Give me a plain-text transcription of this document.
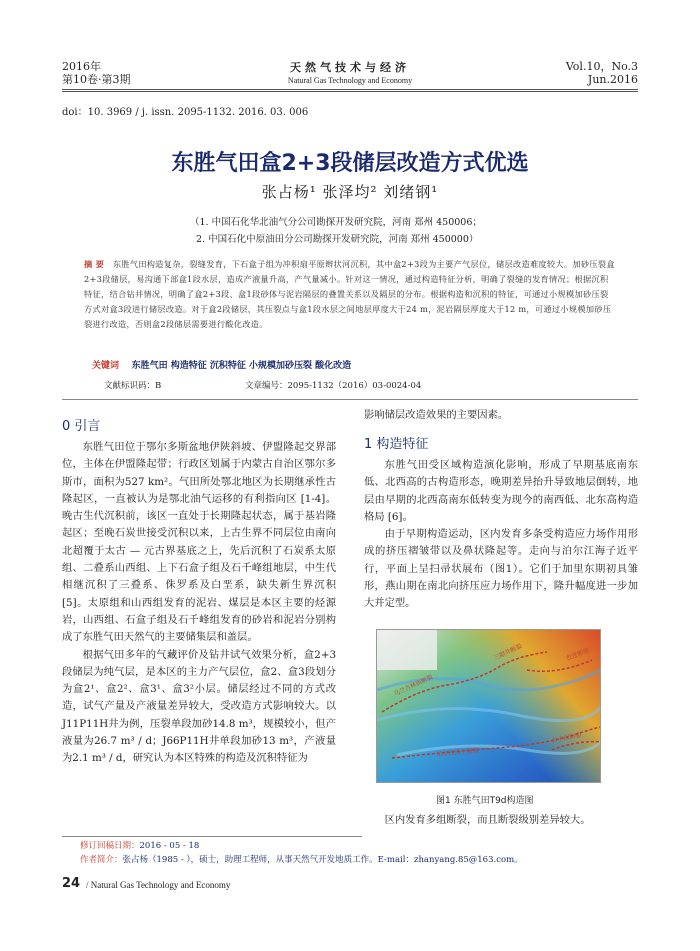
2016年
第10卷·第3期
天然气技术与经济
Natural Gas Technology and Economy
Vol.10，No.3
Jun.2016
doi：10. 3969 / j. issn. 2095-1132. 2016. 03. 006
东胜气田盒2+3段储层改造方式优选
张占杨¹ 张泽均² 刘绪钢¹
（1. 中国石化华北油气分公司勘探开发研究院，河南 郑州 450006；
2. 中国石化中原油田分公司勘探开发研究院，河南 郑州 450000）
摘 要 东胜气田构造复杂，裂缝发育，下石盒子组为冲积扇平原辫状河沉积，其中盒2+3段为主要产气层位，储层改造难度较大。加砂压裂盒2+3段储层，易沟通下部盒1段水层，造成产液量升高，产气量减小。针对这一情况，通过构造特征分析，明确了裂缝的发育情况；根据沉积特征，结合钻井情况，明确了盒2+3段、盒1段砂体与泥岩隔层的叠置关系以及隔层的分布。根据构造和沉积的特征，可通过小规模加砂压裂方式对盒3段进行储层改造。对于盒2段储层，其压裂点与盒1段水层之间地层厚度大于24 m，泥岩隔层厚度大于12 m，可通过小规模加砂压裂进行改造，否则盒2段储层需要进行酸化改造。
关键词 东胜气田 构造特征 沉积特征 小规模加砂压裂 酸化改造
文献标识码：B	文章编号：2095-1132（2016）03-0024-04
0 引言

东胜气田位于鄂尔多斯盆地伊陕斜坡、伊盟隆起交界部位，主体在伊盟隆起带；行政区划属于内蒙古自治区鄂尔多斯市，面积为527 km²。气田所处鄂北地区为长期继承性古隆起区，一直被认为是鄂北油气运移的有利指向区 [1-4]。晚古生代沉积前，该区一直处于长期隆起状态，属于基岩隆起区；至晚石炭世接受沉积以来，上古生界不同层位由南向北超覆于太古 — 元古界基底之上，先后沉积了石炭系太原组、二叠系山西组、上下石盒子组及石千峰组地层，中生代相继沉积了三叠系、侏罗系及白垩系，缺失新生界沉积 [5]。太原组和山西组发育的泥岩、煤层是本区主要的烃源岩，山西组、石盒子组及石千峰组发育的砂岩和泥岩分别构成了东胜气田天然气的主要储集层和盖层。

根据气田多年的气藏评价及钻井试气效果分析，盒2+3段储层为纯气层，是本区的主力产气层位，盒2、盒3段划分为盒2¹、盒2²、盒3¹、盒3²小层。储层经过不同的方式改造，试气产量及产液量差异较大，受改造方式影响较大。以J11P11H井为例，压裂单段加砂14.8 m³，规模较小，但产液量为26.7 m³ / d；J66P11H井单段加砂13 m³，产液量为2.1 m³ / d，研究认为本区特殊的构造及沉积特征为

影响储层改造效果的主要因素。
1 构造特征

东胜气田受区域构造演化影响，形成了早期基底南东低、北西高的古构造形态，晚期差异抬升导致地层倒转，地层由早期的北西高南东低转变为现今的南西低、北东高构造格局 [6]。

由于早期构造运动，区内发育多条受构造应力场作用形成的挤压褶皱带以及鼻状隆起等。走向与泊尔江海子近平行，平面上呈扫帚状展布（图1）。它们于加里东期初具雏形，燕山期在南北向挤压应力场作用下，隆升幅度进一步加大并定型。

乌兰吉林庙断裂
泊尔江海子断裂
三眼井断裂
公卡汉断裂
色连断裂
图1 东胜气田T9d构造图
区内发育多组断裂，而且断裂级别差异较大。
修订回稿日期：2016 - 05 - 18
作者简介：张占杨（1985 - ），硕士，助理工程师，从事天然气开发地质工作。E-mail：zhanyang.85@163.com。
24 / Natural Gas Technology and Economy
